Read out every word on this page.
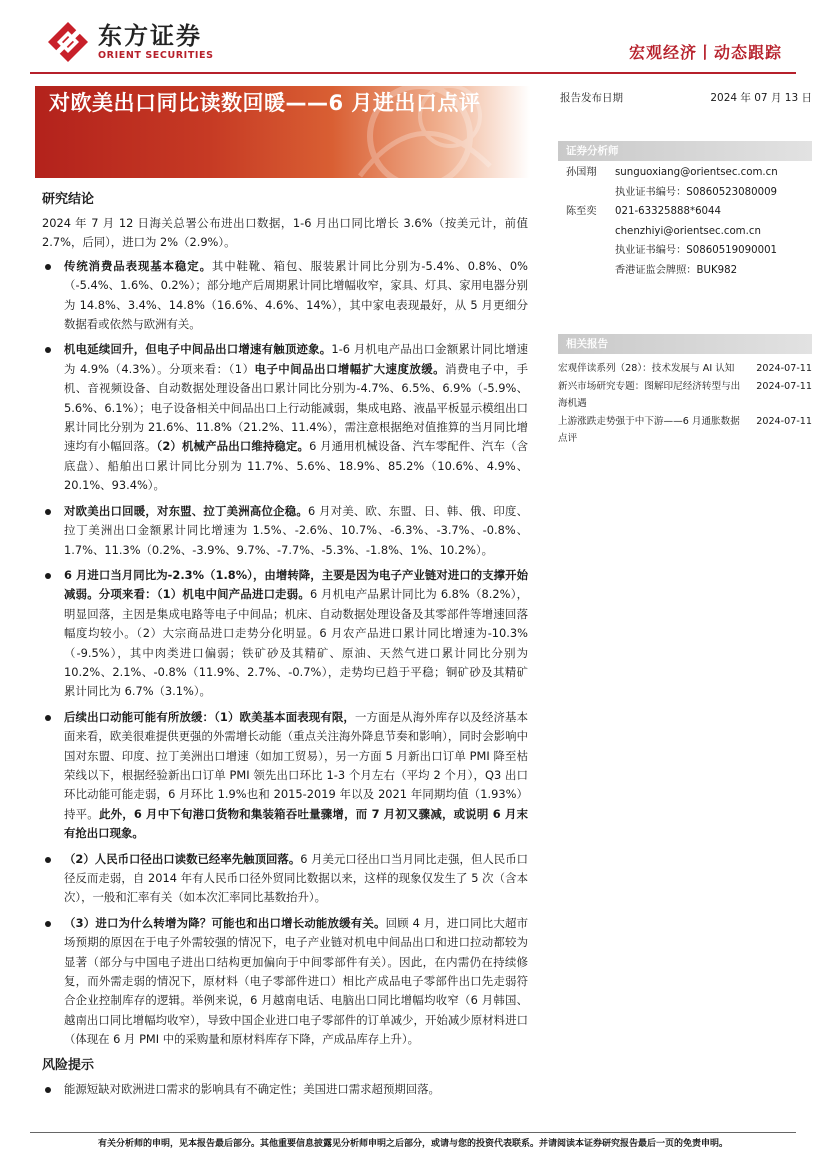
东方证券
ORIENT SECURITIES	宏观经济丨动态跟踪
对欧美出口同比读数回暖——6 月进出口点评	报告发布日期	2024 年 07 月 13 日
证券分析师
孙国翔	sunguoxiang@orientsec.com.cn
执业证书编号：S0860523080009
陈至奕	021-63325888*6044
chenzhiyi@orientsec.com.cn
执业证书编号：S0860519090001
香港证监会牌照：BUK982
相关报告
宏观伴读系列（28）：技术发展与 AI 认知	2024-07-11
新兴市场研究专题：图解印尼经济转型与出海机遇
2024-07-11
上游涨跌走势强于中下游——6 月通胀数据点评
2024-07-11
研究结论
2024 年 7 月 12 日海关总署公布进出口数据，1-6 月出口同比增长 3.6%（按美元计，前值 2.7%，后同），进口为 2%（2.9%）。
传统消费品表现基本稳定。其中鞋靴、箱包、服装累计同比分别为-5.4%、0.8%、0%（-5.4%、1.6%、0.2%）；部分地产后周期累计同比增幅收窄，家具、灯具、家用电器分别为 14.8%、3.4%、14.8%（16.6%、4.6%、14%），其中家电表现最好，从 5 月更细分数据看或依然与欧洲有关。
机电延续回升，但电子中间品出口增速有触顶迹象。1-6 月机电产品出口金额累计同比增速为 4.9%（4.3%）。分项来看：（1）电子中间品出口增幅扩大速度放缓。消费电子中，手机、音视频设备、自动数据处理设备出口累计同比分别为-4.7%、6.5%、6.9%（-5.9%、5.6%、6.1%）；电子设备相关中间品出口上行动能减弱，集成电路、液晶平板显示模组出口累计同比分别为 21.6%、11.8%（21.2%、11.4%），需注意根据绝对值推算的当月同比增速均有小幅回落。（2）机械产品出口维持稳定。6 月通用机械设备、汽车零配件、汽车（含底盘）、船舶出口累计同比分别为 11.7%、5.6%、18.9%、85.2%（10.6%、4.9%、20.1%、93.4%）。
对欧美出口回暖，对东盟、拉丁美洲高位企稳。6 月对美、欧、东盟、日、韩、俄、印度、拉丁美洲出口金额累计同比增速为 1.5%、-2.6%、10.7%、-6.3%、-3.7%、-0.8%、1.7%、11.3%（0.2%、-3.9%、9.7%、-7.7%、-5.3%、-1.8%、1%、10.2%）。
6 月进口当月同比为-2.3%（1.8%），由增转降，主要是因为电子产业链对进口的支撑开始减弱。分项来看：（1）机电中间产品进口走弱。6 月机电产品累计同比为 6.8%（8.2%），明显回落，主因是集成电路等电子中间品；机床、自动数据处理设备及其零部件等增速回落幅度均较小。（2）大宗商品进口走势分化明显。6 月农产品进口累计同比增速为-10.3%（-9.5%），其中肉类进口偏弱；铁矿砂及其精矿、原油、天然气进口累计同比分别为 10.2%、2.1%、-0.8%（11.9%、2.7%、-0.7%），走势均已趋于平稳；铜矿砂及其精矿累计同比为 6.7%（3.1%）。
后续出口动能可能有所放缓：（1）欧美基本面表现有限，一方面是从海外库存以及经济基本面来看，欧美很难提供更强的外需增长动能（重点关注海外降息节奏和影响），同时会影响中国对东盟、印度、拉丁美洲出口增速（如加工贸易），另一方面 5 月新出口订单 PMI 降至枯荣线以下，根据经验新出口订单 PMI 领先出口环比 1-3 个月左右（平均 2 个月），Q3 出口环比动能可能走弱，6 月环比 1.9%也和 2015-2019 年以及 2021 年同期均值（1.93%）持平。此外，6 月中下旬港口货物和集装箱吞吐量骤增，而 7 月初又骤减，或说明 6 月末有抢出口现象。
（2）人民币口径出口读数已经率先触顶回落。6 月美元口径出口当月同比走强，但人民币口径反而走弱，自 2014 年有人民币口径外贸同比数据以来，这样的现象仅发生了 5 次（含本次），一般和汇率有关（如本次汇率同比基数抬升）。
（3）进口为什么转增为降？可能也和出口增长动能放缓有关。回顾 4 月，进口同比大超市场预期的原因在于电子外需较强的情况下，电子产业链对机电中间品出口和进口拉动都较为显著（部分与中国电子进出口结构更加偏向于中间零部件有关）。因此，在内需仍在持续修复，而外需走弱的情况下，原材料（电子零部件进口）相比产成品电子零部件出口先走弱符合企业控制库存的逻辑。举例来说，6 月越南电话、电脑出口同比增幅均收窄（6 月韩国、越南出口同比增幅均收窄），导致中国企业进口电子零部件的订单减少，开始减少原材料进口（体现在 6 月 PMI 中的采购量和原材料库存下降，产成品库存上升）。
风险提示
能源短缺对欧洲进口需求的影响具有不确定性；美国进口需求超预期回落。
有关分析师的申明，见本报告最后部分。其他重要信息披露见分析师申明之后部分，或请与您的投资代表联系。并请阅读本证券研究报告最后一页的免责申明。
